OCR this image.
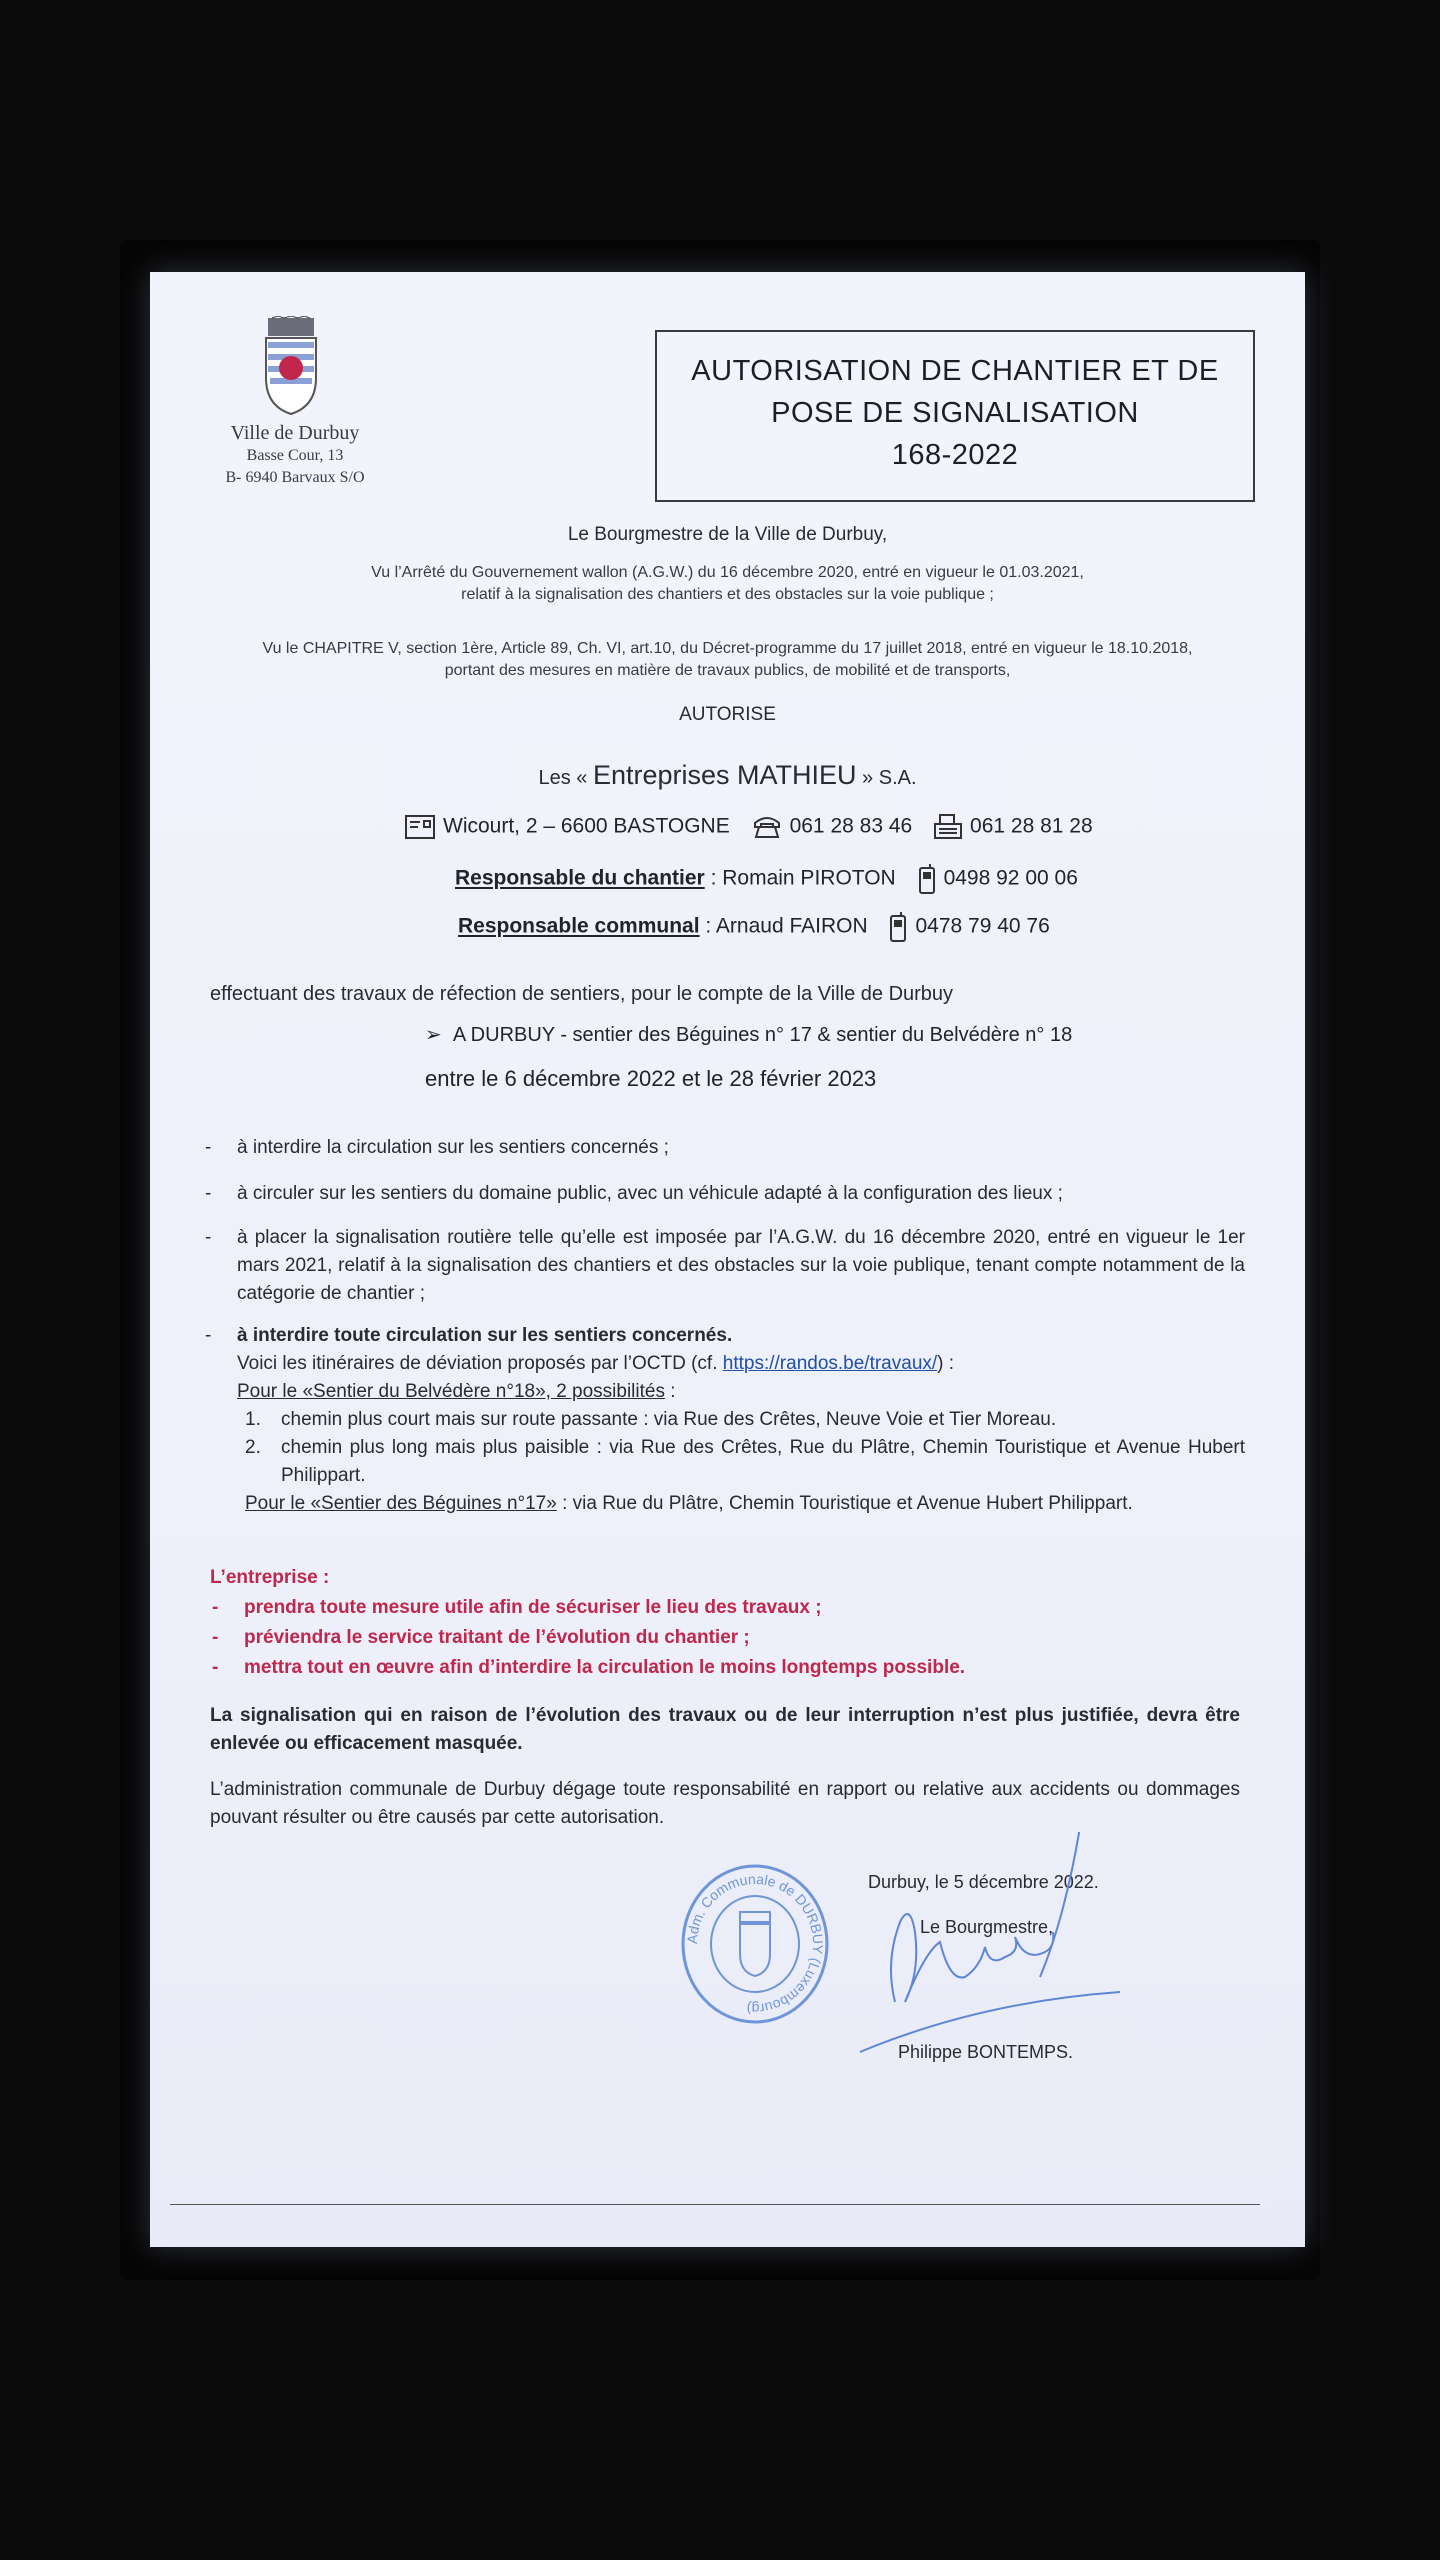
Ville de Durbuy
Basse Cour, 13
B- 6940 Barvaux S/O
AUTORISATION DE CHANTIER ET DE
POSE DE SIGNALISATION
168-2022
Le Bourgmestre de la Ville de Durbuy,
Vu l’Arrêté du Gouvernement wallon (A.G.W.) du 16 décembre 2020, entré en vigueur le 01.03.2021,
relatif à la signalisation des chantiers et des obstacles sur la voie publique ;
Vu le CHAPITRE V, section 1ère, Article 89, Ch. VI, art.10, du Décret-programme du 17 juillet 2018, entré en vigueur le 18.10.2018,
portant des mesures en matière de travaux publics, de mobilité et de transports,
AUTORISE
Les « Entreprises MATHIEU » S.A.
Wicourt, 2 – 6600 BASTOGNE	061 28 83 46	061 28 81 28
Responsable du chantier : Romain PIROTON 0498 92 00 06
Responsable communal : Arnaud FAIRON 0478 79 40 76
effectuant des travaux de réfection de sentiers, pour le compte de la Ville de Durbuy
➢ A DURBUY - sentier des Béguines n° 17 & sentier du Belvédère n° 18
entre le 6 décembre 2022 et le 28 février 2023
- à interdire la circulation sur les sentiers concernés ;
- à circuler sur les sentiers du domaine public, avec un véhicule adapté à la configuration des lieux ;
- à placer la signalisation routière telle qu’elle est imposée par l’A.G.W. du 16 décembre 2020, entré en vigueur le 1er mars 2021, relatif à la signalisation des chantiers et des obstacles sur la voie publique, tenant compte notamment de la catégorie de chantier ;
- à interdire toute circulation sur les sentiers concernés.
Voici les itinéraires de déviation proposés par l’OCTD (cf. https://randos.be/travaux/) :
Pour le «Sentier du Belvédère n°18», 2 possibilités :
1. chemin plus court mais sur route passante : via Rue des Crêtes, Neuve Voie et Tier Moreau.
2. chemin plus long mais plus paisible : via Rue des Crêtes, Rue du Plâtre, Chemin Touristique et Avenue Hubert Philippart.
Pour le «Sentier des Béguines n°17» : via Rue du Plâtre, Chemin Touristique et Avenue Hubert Philippart.
L’entreprise :
- prendra toute mesure utile afin de sécuriser le lieu des travaux ;
- préviendra le service traitant de l’évolution du chantier ;
- mettra tout en œuvre afin d’interdire la circulation le moins longtemps possible.
La signalisation qui en raison de l’évolution des travaux ou de leur interruption n’est plus justifiée, devra être enlevée ou efficacement masquée.
L’administration communale de Durbuy dégage toute responsabilité en rapport ou relative aux accidents ou dommages pouvant résulter ou être causés par cette autorisation.
Adm. Communale de DURBUY (Luxembourg)
Durbuy, le 5 décembre 2022.
Le Bourgmestre,
Philippe BONTEMPS.
